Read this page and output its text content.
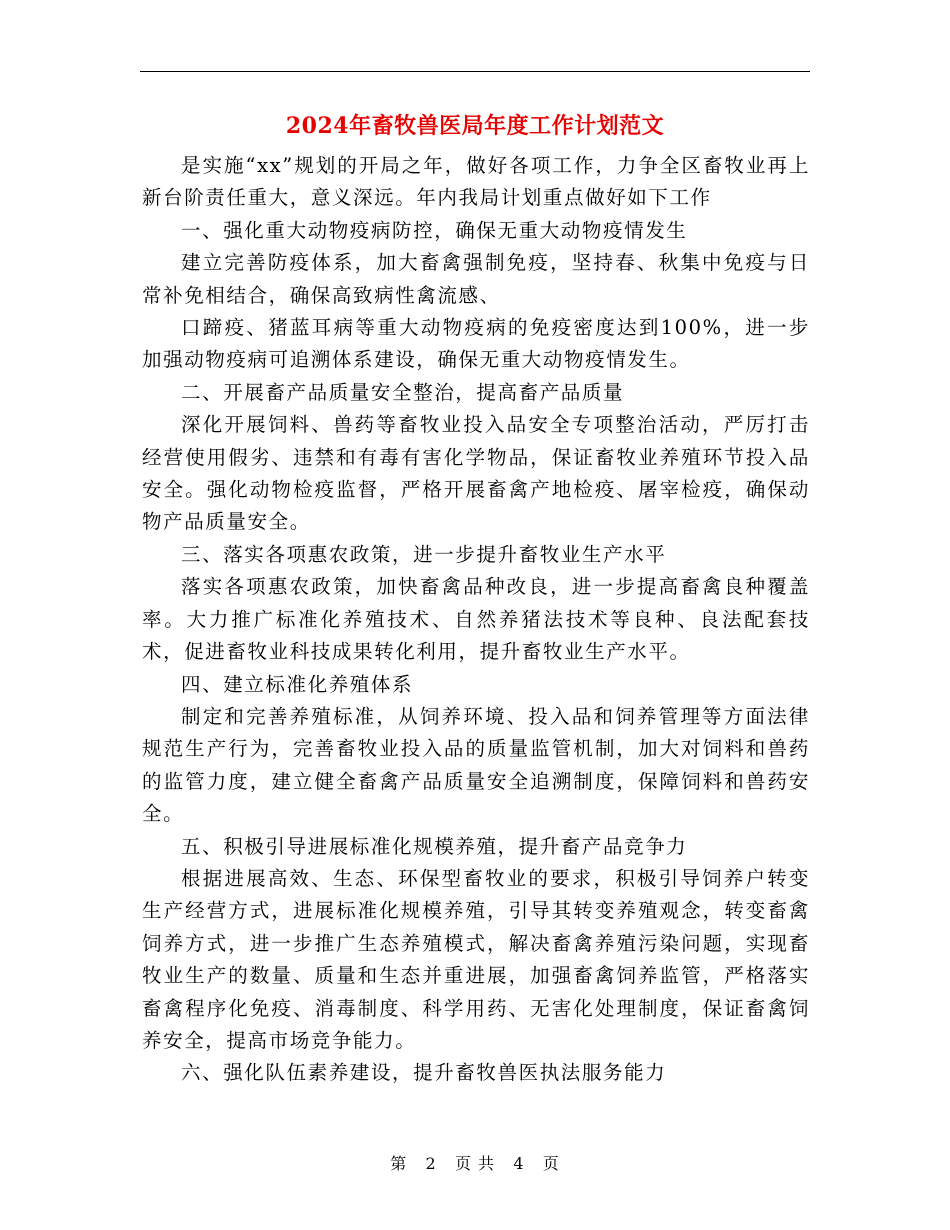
2024年畜牧兽医局年度工作计划范文

是实施“xx”规划的开局之年，做好各项工作，力争全区畜牧业再上新台阶责任重大，意义深远。年内我局计划重点做好如下工作

一、强化重大动物疫病防控，确保无重大动物疫情发生

建立完善防疫体系，加大畜禽强制免疫，坚持春、秋集中免疫与日常补免相结合，确保高致病性禽流感、

口蹄疫、猪蓝耳病等重大动物疫病的免疫密度达到100%，进一步加强动物疫病可追溯体系建设，确保无重大动物疫情发生。

二、开展畜产品质量安全整治，提高畜产品质量

深化开展饲料、兽药等畜牧业投入品安全专项整治活动，严厉打击经营使用假劣、违禁和有毒有害化学物品，保证畜牧业养殖环节投入品安全。强化动物检疫监督，严格开展畜禽产地检疫、屠宰检疫，确保动物产品质量安全。

三、落实各项惠农政策，进一步提升畜牧业生产水平

落实各项惠农政策，加快畜禽品种改良，进一步提高畜禽良种覆盖率。大力推广标准化养殖技术、自然养猪法技术等良种、良法配套技术，促进畜牧业科技成果转化利用，提升畜牧业生产水平。

四、建立标准化养殖体系

制定和完善养殖标准，从饲养环境、投入品和饲养管理等方面法律规范生产行为，完善畜牧业投入品的质量监管机制，加大对饲料和兽药的监管力度，建立健全畜禽产品质量安全追溯制度，保障饲料和兽药安全。

五、积极引导进展标准化规模养殖，提升畜产品竞争力

根据进展高效、生态、环保型畜牧业的要求，积极引导饲养户转变生产经营方式，进展标准化规模养殖，引导其转变养殖观念，转变畜禽饲养方式，进一步推广生态养殖模式，解决畜禽养殖污染问题，实现畜牧业生产的数量、质量和生态并重进展，加强畜禽饲养监管，严格落实畜禽程序化免疫、消毒制度、科学用药、无害化处理制度，保证畜禽饲养安全，提高市场竞争能力。

六、强化队伍素养建设，提升畜牧兽医执法服务能力

第 2 页 共 4 页
